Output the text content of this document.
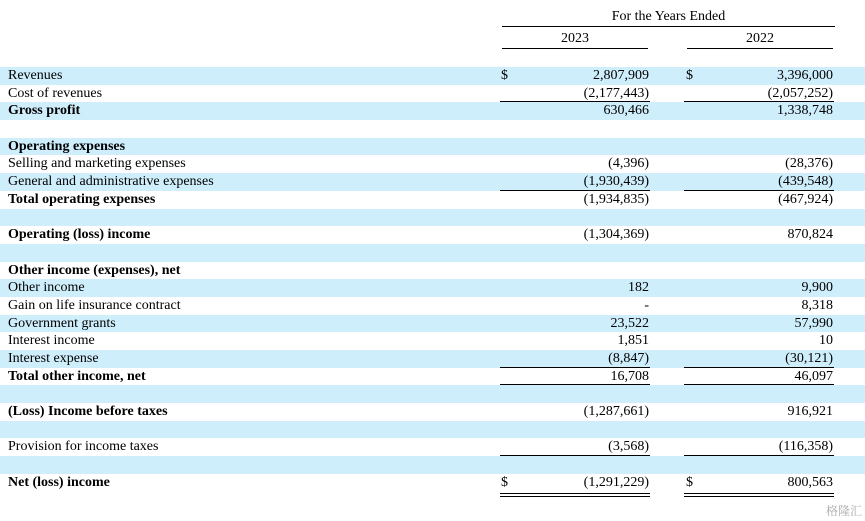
For the Years Ended
2023	2022
Revenues	$	2,807,909	$	3,396,000
Cost of revenues	(2,177,443)	(2,057,252)
Gross profit	630,466	1,338,748
Operating expenses
Selling and marketing expenses	(4,396)	(28,376)
General and administrative expenses	(1,930,439)	(439,548)
Total operating expenses	(1,934,835)	(467,924)
Operating (loss) income	(1,304,369)	870,824
Other income (expenses), net
Other income	182	9,900
Gain on life insurance contract	-	8,318
Government grants	23,522	57,990
Interest income	1,851	10
Interest expense	(8,847)	(30,121)
Total other income, net	16,708	46,097
(Loss) Income before taxes	(1,287,661)	916,921
Provision for income taxes	(3,568)	(116,358)
Net (loss) income	$	(1,291,229)	$	800,563
格隆汇
